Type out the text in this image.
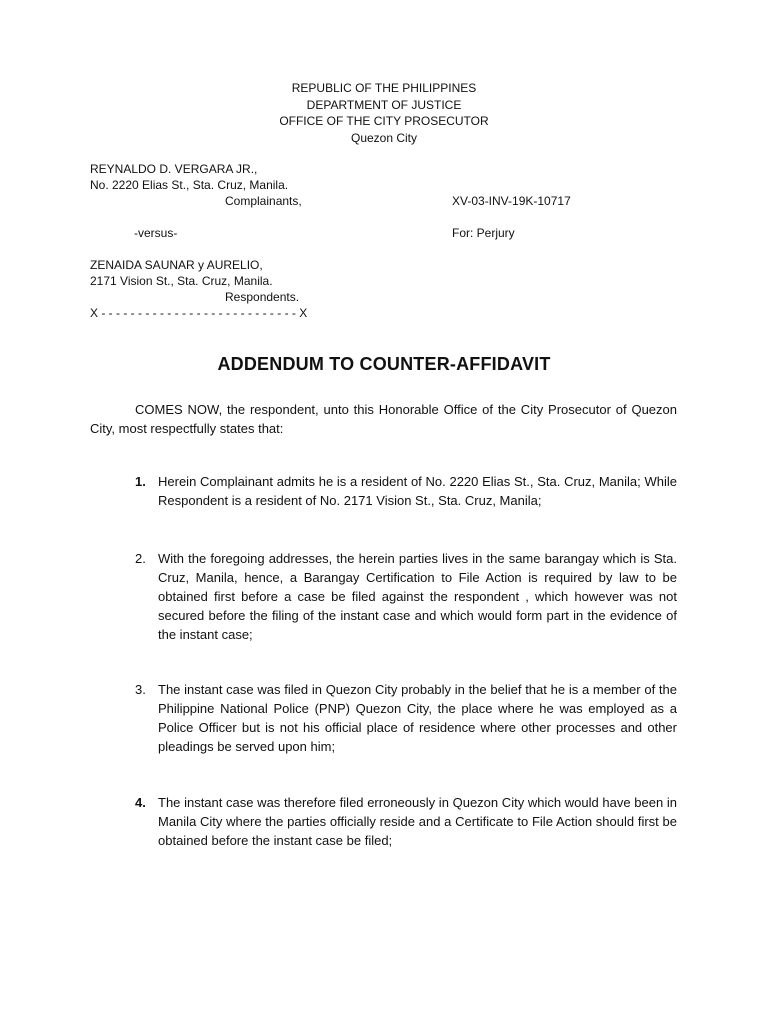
REPUBLIC OF THE PHILIPPINES
DEPARTMENT OF JUSTICE
OFFICE OF THE CITY PROSECUTOR
Quezon City
REYNALDO D. VERGARA JR.,
No. 2220 Elias St., Sta. Cruz, Manila.
Complainants,	XV-03-INV-19K-10717
-versus-	For: Perjury
ZENAIDA SAUNAR y AURELIO,
2171 Vision St., Sta. Cruz, Manila.
Respondents.
X - - - - - - - - - - - - - - - - - - - - - - - - - - - X
ADDENDUM TO COUNTER-AFFIDAVIT
COMES NOW, the respondent, unto this Honorable Office of the City Prosecutor of Quezon City, most respectfully states that:
1. Herein Complainant admits he is a resident of No. 2220 Elias St., Sta. Cruz, Manila; While Respondent is a resident of No. 2171 Vision St., Sta. Cruz, Manila;
2. With the foregoing addresses, the herein parties lives in the same barangay which is Sta. Cruz, Manila, hence, a Barangay Certification to File Action is required by law to be obtained first before a case be filed against the respondent , which however was not secured before the filing of the instant case and which would form part in the evidence of the instant case;
3. The instant case was filed in Quezon City probably in the belief that he is a member of the Philippine National Police (PNP) Quezon City, the place where he was employed as a Police Officer but is not his official place of residence where other processes and other pleadings be served upon him;
4. The instant case was therefore filed erroneously in Quezon City which would have been in Manila City where the parties officially reside and a Certificate to File Action should first be obtained before the instant case be filed;
